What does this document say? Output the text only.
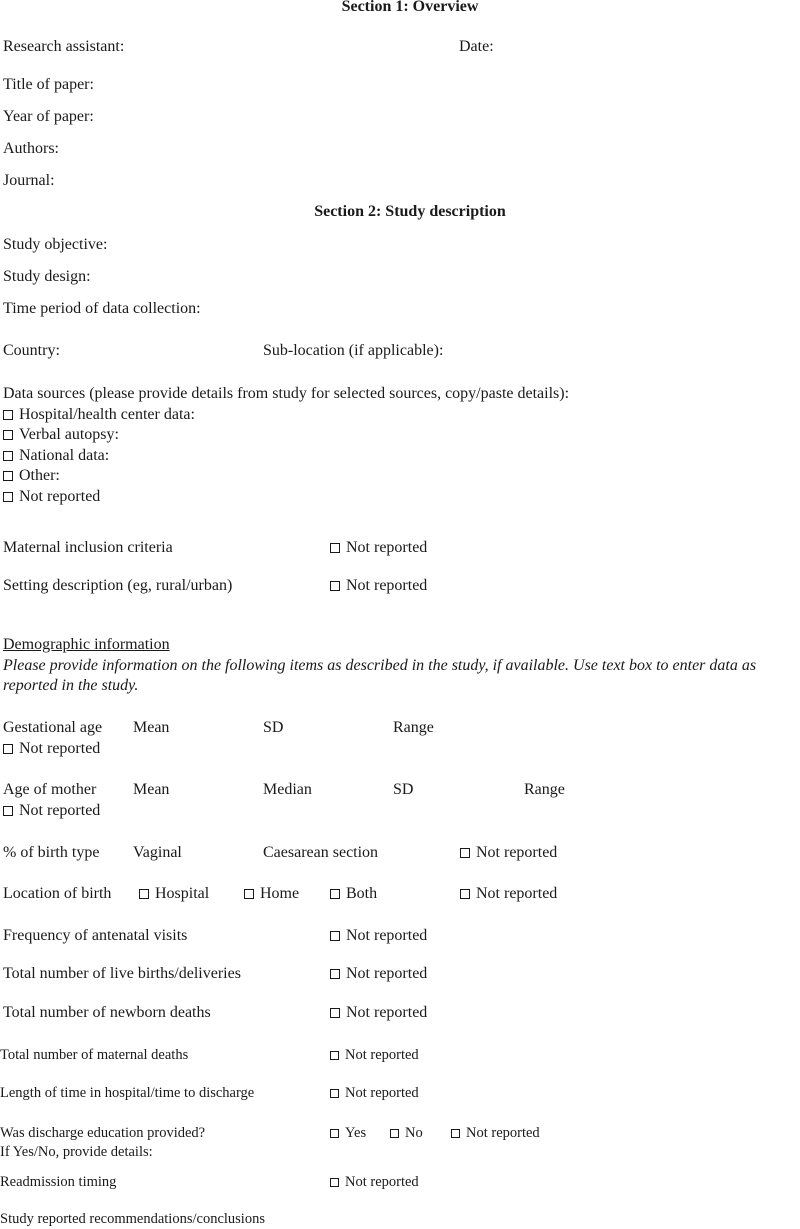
Section 1: Overview
Research assistant:	Date:
Title of paper:
Year of paper:
Authors:
Journal:
Section 2: Study description
Study objective:
Study design:
Time period of data collection:
Country:	Sub-location (if applicable):
Data sources (please provide details from study for selected sources, copy/paste details):
Hospital/health center data:
Verbal autopsy:
National data:
Other:
Not reported
Maternal inclusion criteria	Not reported
Setting description (eg, rural/urban)	Not reported
Demographic information
Please provide information on the following items as described in the study, if available. Use text box to enter data as reported in the study.
Gestational age Mean	SD	Range
Not reported
Age of mother Mean	Median	SD	Range
Not reported
% of birth type Vaginal	Caesarean section	Not reported
Location of birth	Hospital	Home	Both	Not reported
Frequency of antenatal visits	Not reported
Total number of live births/deliveries	Not reported
Total number of newborn deaths	Not reported
Total number of maternal deaths	Not reported
Length of time in hospital/time to discharge	Not reported
Was discharge education provided?	Yes	No	Not reported
If Yes/No, provide details:
Readmission timing	Not reported
Study reported recommendations/conclusions
